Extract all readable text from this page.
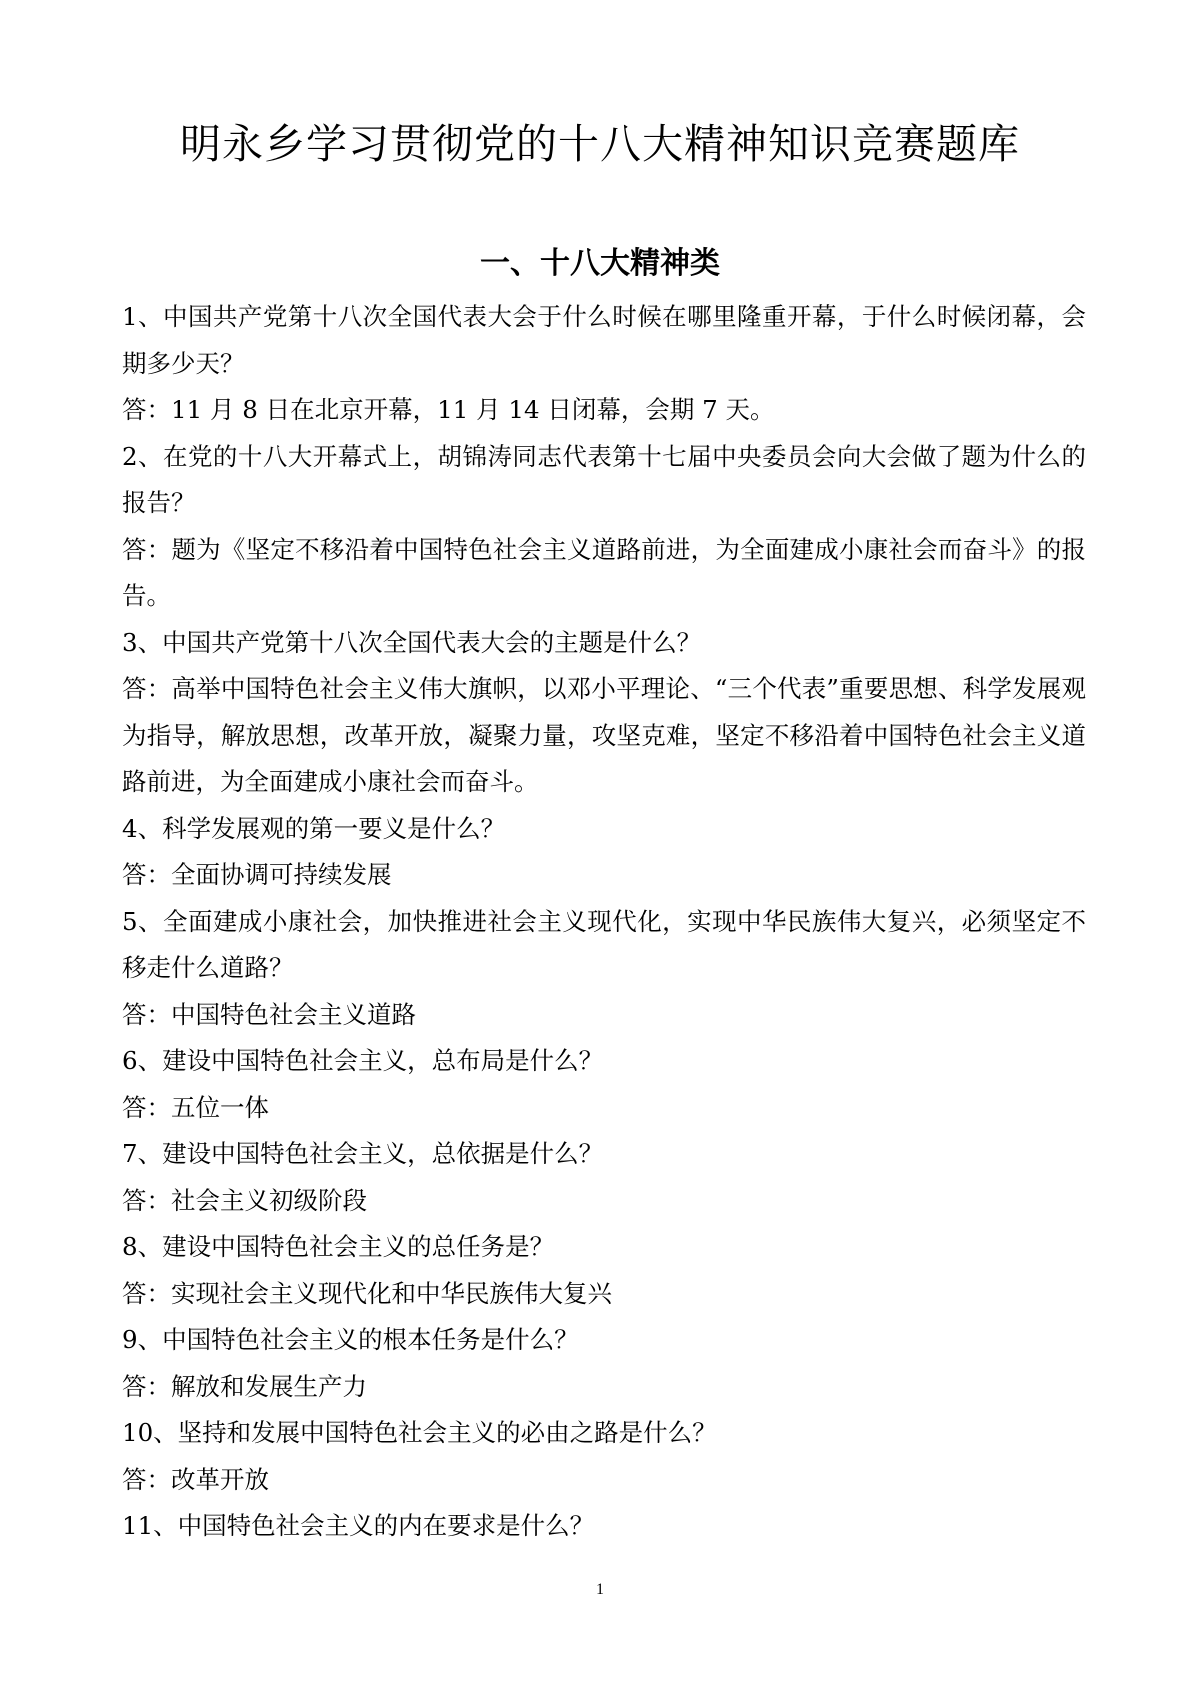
明永乡学习贯彻党的十八大精神知识竞赛题库
一、十八大精神类

1、中国共产党第十八次全国代表大会于什么时候在哪里隆重开幕，于什么时候闭幕，会期多少天？

答：11 月 8 日在北京开幕，11 月 14 日闭幕，会期 7 天。

2、在党的十八大开幕式上，胡锦涛同志代表第十七届中央委员会向大会做了题为什么的报告？

答：题为《坚定不移沿着中国特色社会主义道路前进，为全面建成小康社会而奋斗》的报告。

3、中国共产党第十八次全国代表大会的主题是什么？

答：高举中国特色社会主义伟大旗帜，以邓小平理论、“三个代表”重要思想、科学发展观为指导，解放思想，改革开放，凝聚力量，攻坚克难，坚定不移沿着中国特色社会主义道路前进，为全面建成小康社会而奋斗。

4、科学发展观的第一要义是什么？

答：全面协调可持续发展

5、全面建成小康社会，加快推进社会主义现代化，实现中华民族伟大复兴，必须坚定不移走什么道路？

答：中国特色社会主义道路

6、建设中国特色社会主义，总布局是什么？

答：五位一体

7、建设中国特色社会主义，总依据是什么？

答：社会主义初级阶段

8、建设中国特色社会主义的总任务是？

答：实现社会主义现代化和中华民族伟大复兴

9、中国特色社会主义的根本任务是什么？

答：解放和发展生产力

10、坚持和发展中国特色社会主义的必由之路是什么？

答：改革开放

11、中国特色社会主义的内在要求是什么？

1
